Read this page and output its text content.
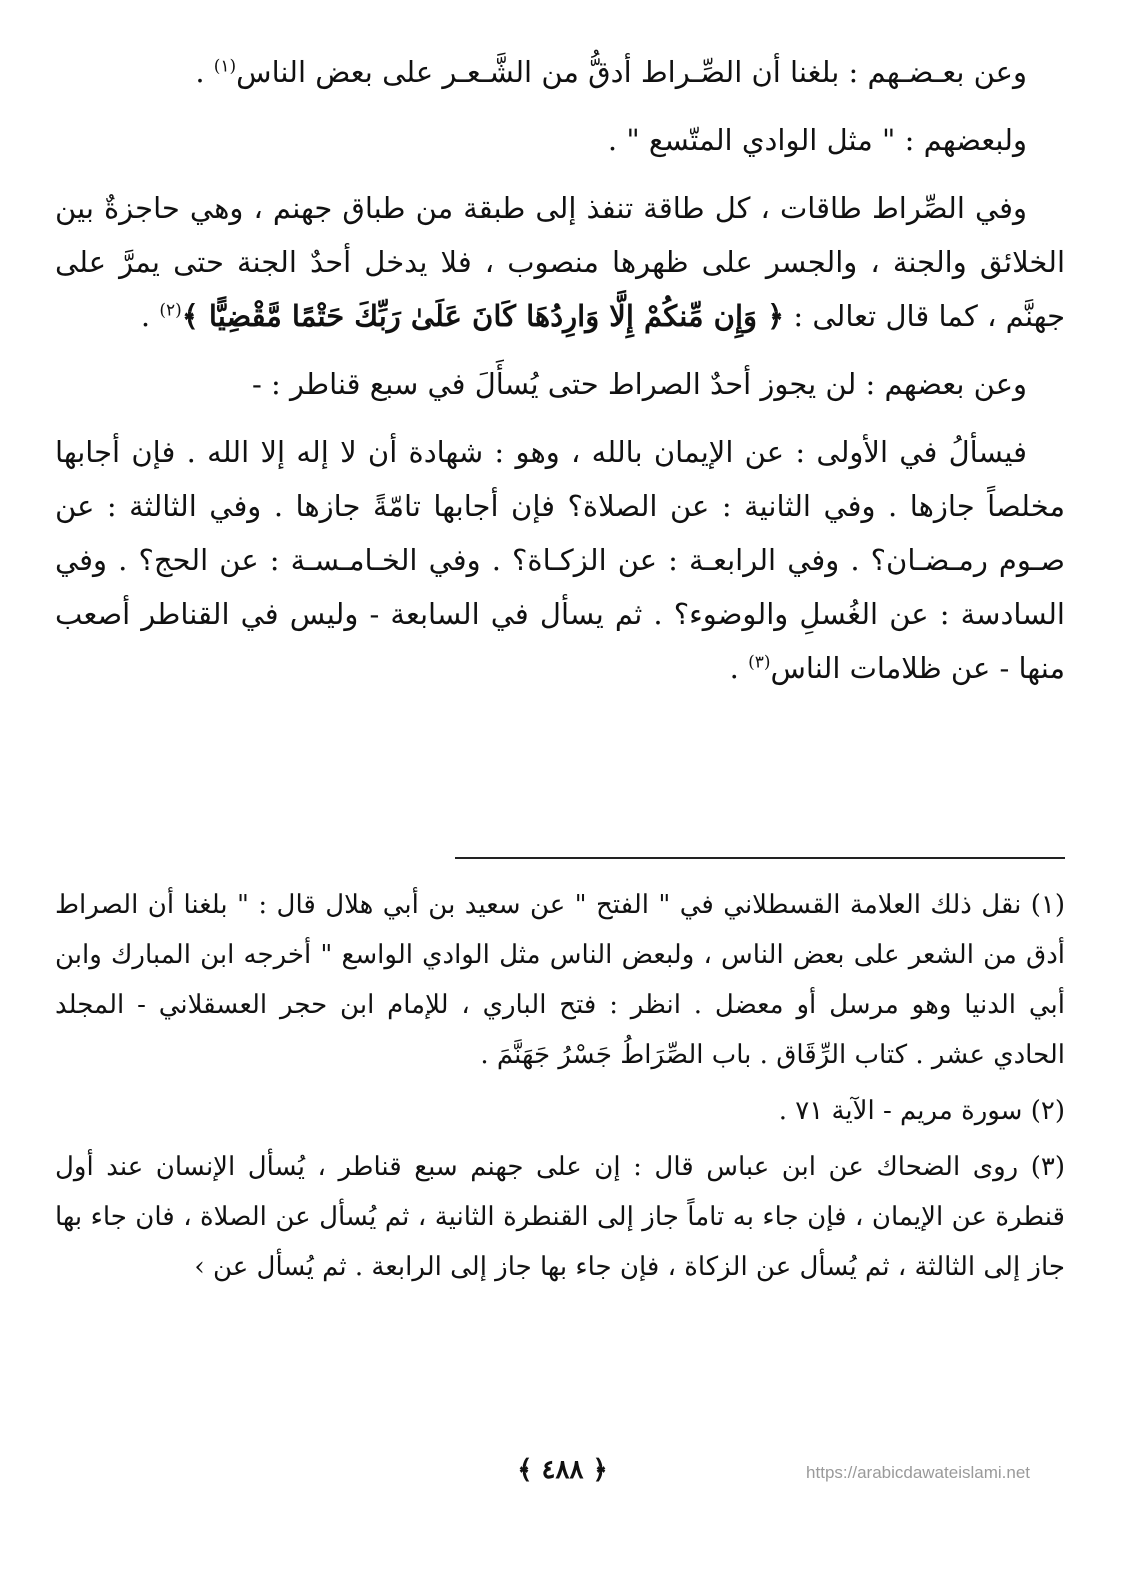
وعن بعـضـهم : بلغنا أن الصِّـراط أدقُّ من الشَّـعـر على بعض الناس$^{(١)}$ .

ولبعضهم : " مثل الوادي المتّسع " .

وفي الصِّراط طاقات ، كل طاقة تنفذ إلى طبقة من طباق جهنم ، وهي حاجزةٌ بين الخلائق والجنة ، والجسر على ظهرها منصوب ، فلا يدخل أحدٌ الجنة حتى يمرَّ على جهنَّم ، كما قال تعالى : ﴿ وَإِن مِّنكُمْ إِلَّا وَارِدُهَا كَانَ عَلَىٰ رَبِّكَ حَتْمًا مَّقْضِيًّا ﴾$^{(٢)}$ .

وعن بعضهم : لن يجوز أحدٌ الصراط حتى يُسأَلَ في سبع قناطر : -

فيسألُ في الأولى : عن الإيمان بالله ، وهو : شهادة أن لا إله إلا الله . فإن أجابها مخلصاً جازها . وفي الثانية : عن الصلاة؟ فإن أجابها تامّةً جازها . وفي الثالثة : عن صـوم رمـضـان؟ . وفي الرابعـة : عن الزكـاة؟ . وفي الخـامـسـة : عن الحج؟ . وفي السادسة : عن الغُسلِ والوضوء؟ . ثم يسأل في السابعة - وليس في القناطر أصعب منها - عن ظلامات الناس$^{(٣)}$ .

(١) نقل ذلك العلامة القسطلاني في " الفتح " عن سعيد بن أبي هلال قال : " بلغنا أن الصراط أدق من الشعر على بعض الناس ، ولبعض الناس مثل الوادي الواسع " أخرجه ابن المبارك وابن أبي الدنيا وهو مرسل أو معضل . انظر : فتح الباري ، للإمام ابن حجر العسقلاني - المجلد الحادي عشر . كتاب الرِّقَاق . باب الصِّرَاطُ جَسْرُ جَهَنَّمَ .

(٢) سورة مريم - الآية ٧١ .

(٣) روى الضحاك عن ابن عباس قال : إن على جهنم سبع قناطر ، يُسأل الإنسان عند أول قنطرة عن الإيمان ، فإن جاء به تاماً جاز إلى القنطرة الثانية ، ثم يُسأل عن الصلاة ، فان جاء بها جاز إلى الثالثة ، ثم يُسأل عن الزكاة ، فإن جاء بها جاز إلى الرابعة . ثم يُسأل عن ›

﴿ ٤٨٨ ﴾	https://arabicdawateislami.net
